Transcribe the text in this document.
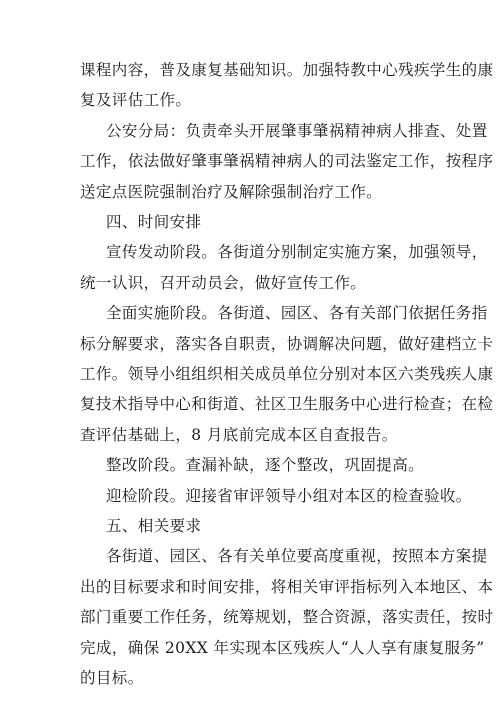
课程内容，普及康复基础知识。加强特教中心残疾学生的康
复及评估工作。
公安分局：负责牵头开展肇事肇祸精神病人排查、处置
工作，依法做好肇事肇祸精神病人的司法鉴定工作，按程序
送定点医院强制治疗及解除强制治疗工作。
四、时间安排
宣传发动阶段。各街道分别制定实施方案，加强领导，
统一认识，召开动员会，做好宣传工作。
全面实施阶段。各街道、园区、各有关部门依据任务指
标分解要求，落实各自职责，协调解决问题，做好建档立卡
工作。领导小组组织相关成员单位分别对本区六类残疾人康
复技术指导中心和街道、社区卫生服务中心进行检查；在检
查评估基础上，8 月底前完成本区自查报告。
整改阶段。查漏补缺，逐个整改，巩固提高。
迎检阶段。迎接省审评领导小组对本区的检查验收。
五、相关要求
各街道、园区、各有关单位要高度重视，按照本方案提
出的目标要求和时间安排，将相关审评指标列入本地区、本
部门重要工作任务，统筹规划，整合资源，落实责任，按时
完成，确保 20XX 年实现本区残疾人“人人享有康复服务”
的目标。
